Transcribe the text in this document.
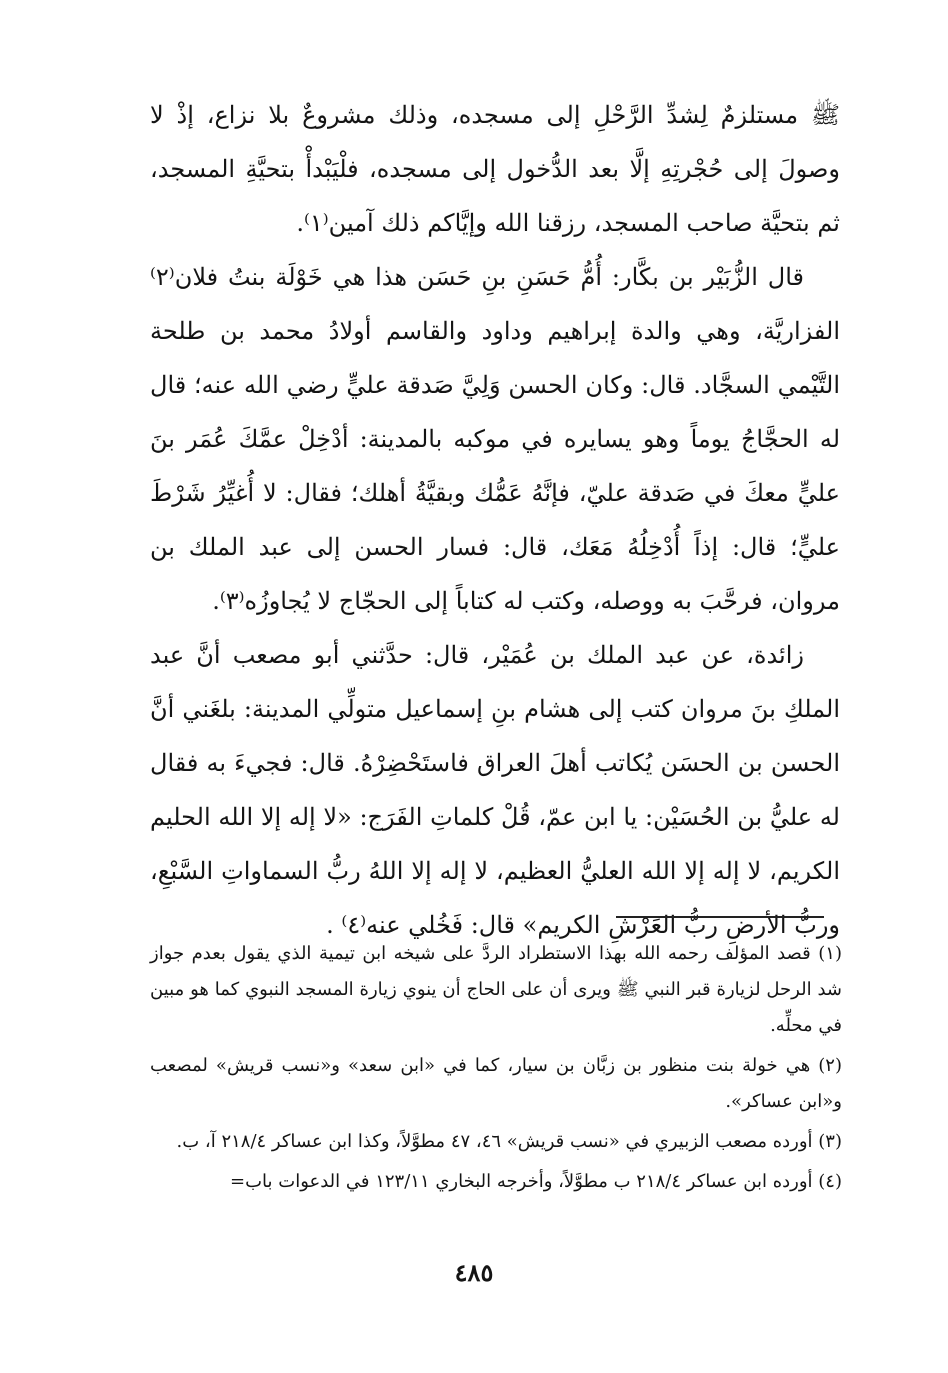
ﷺ مستلزمٌ لِشدِّ الرَّحْلِ إلى مسجده، وذلك مشروعٌ بلا نزاع، إذْ لا وصولَ إلى حُجْرتِهِ إلَّا بعد الدُّخول إلى مسجده، فلْيَبْدأْ بتحيَّةِ المسجد، ثم بتحيَّة صاحب المسجد، رزقنا الله وإيَّاكم ذلك آمين⁽١⁾.

قال الزُّبَيْر بن بكَّار: أُمُّ حَسَنِ بنِ حَسَن هذا هي خَوْلَة بنتُ فلان⁽٢⁾ الفزاريَّة، وهي والدة إبراهيم وداود والقاسم أولادُ محمد بن طلحة التَّيْمي السجَّاد. قال: وكان الحسن وَلِيَّ صَدقة عليٍّ رضي الله عنه؛ قال له الحجَّاجُ يوماً وهو يسايره في موكبه بالمدينة: أدْخِلْ عمَّكَ عُمَر بنَ عليٍّ معكَ في صَدقة عليّ، فإنَّهُ عَمُّك وبقيَّةُ أهلك؛ فقال: لا أُغيِّرُ شَرْطَ عليٍّ؛ قال: إذاً أُدْخِلُهُ مَعَك، قال: فسار الحسن إلى عبد الملك بن مروان، فرحَّبَ به ووصله، وكتب له كتاباً إلى الحجّاج لا يُجاوزُه⁽٣⁾.

زائدة، عن عبد الملك بن عُمَيْر، قال: حدَّثني أبو مصعب أنَّ عبد الملكِ بنَ مروان كتب إلى هشام بنِ إسماعيل متولِّي المدينة: بلغَني أنَّ الحسن بن الحسَن يُكاتب أهلَ العراق فاستَحْضِرْهُ. قال: فجيءَ به فقال له عليُّ بن الحُسَيْن: يا ابن عمّ، قُلْ كلماتِ الفَرَج: «لا إله إلا الله الحليم الكريم، لا إله إلا الله العليُّ العظيم، لا إله إلا اللهُ ربُّ السماواتِ السَّبْعِ، وربُّ الأرضِ ربُّ العَرْشِ الكريم» قال: فَخُلي عنه⁽٤⁾ .

(١) قصد المؤلف رحمه الله بهذا الاستطراد الردَّ على شيخه ابن تيمية الذي يقول بعدم جواز شد الرحل لزيارة قبر النبي ﷺ ويرى أن على الحاج أن ينوي زيارة المسجد النبوي كما هو مبين في محلِّه.

(٢) هي خولة بنت منظور بن زبَّان بن سيار، كما في «ابن سعد» و«نسب قريش» لمصعب و«ابن عساكر».

(٣) أورده مصعب الزبيري في «نسب قريش» ٤٦، ٤٧ مطوَّلاً، وكذا ابن عساكر ٢١٨/٤ آ، ب.

(٤) أورده ابن عساكر ٢١٨/٤ ب مطوَّلاً، وأخرجه البخاري ١٢٣/١١ في الدعوات باب=

٤٨٥
